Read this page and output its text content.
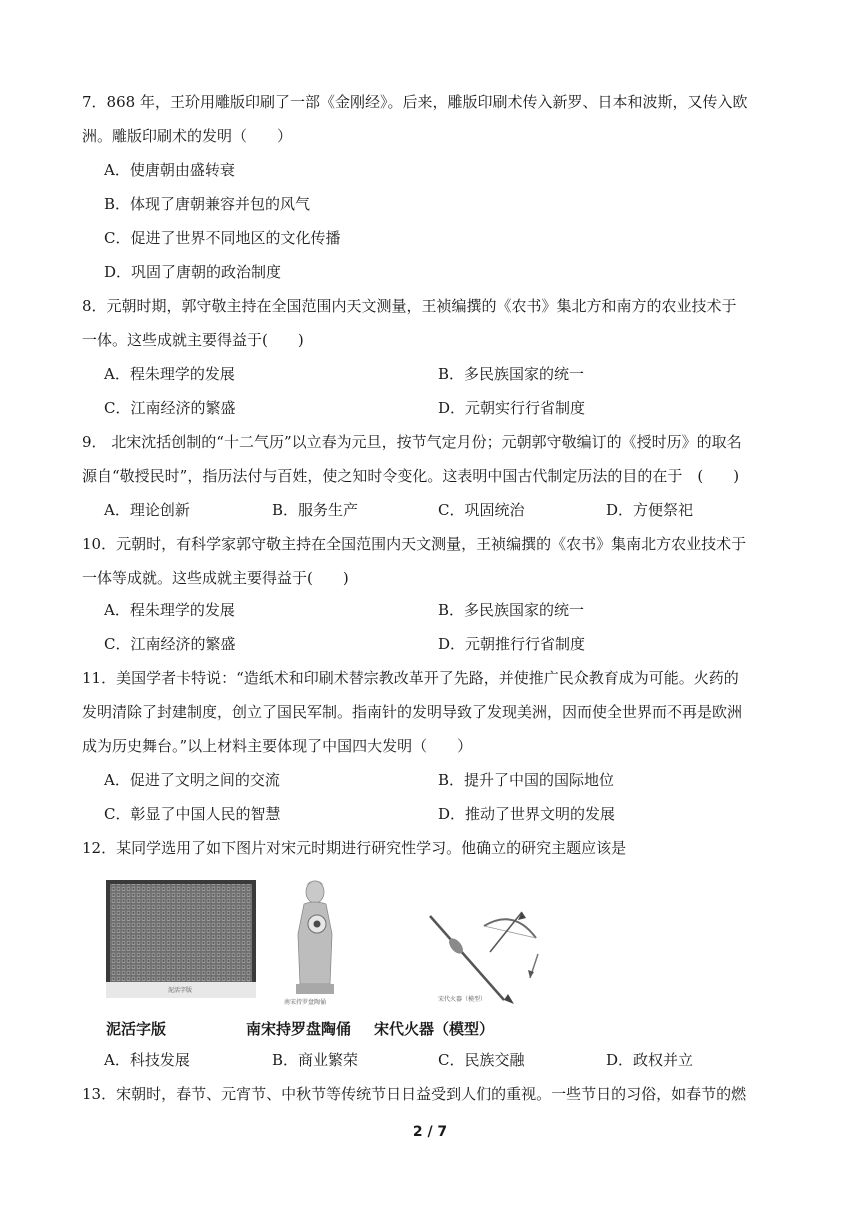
7．868 年，王玠用雕版印刷了一部《金刚经》。后来，雕版印刷术传入新罗、日本和波斯，又传入欧
洲。雕版印刷术的发明（　　）
A．使唐朝由盛转衰
B．体现了唐朝兼容并包的风气
C．促进了世界不同地区的文化传播
D．巩固了唐朝的政治制度
8．元朝时期，郭守敬主持在全国范围内天文测量，王祯编撰的《农书》集北方和南方的农业技术于
一体。这些成就主要得益于(　　)
A．程朱理学的发展	B．多民族国家的统一
C．江南经济的繁盛	D．元朝实行行省制度
9． 北宋沈括创制的“十二气历”以立春为元旦，按节气定月份；元朝郭守敬编订的《授时历》的取名
源自“敬授民时”，指历法付与百姓，使之知时令变化。这表明中国古代制定历法的目的在于　(　　)
A．理论创新	B．服务生产	C．巩固统治	D．方便祭祀
10．元朝时，有科学家郭守敬主持在全国范围内天文测量，王祯编撰的《农书》集南北方农业技术于
一体等成就。这些成就主要得益于(　　)
A．程朱理学的发展	B．多民族国家的统一
C．江南经济的繁盛	D．元朝推行行省制度
11．美国学者卡特说：“造纸术和印刷术替宗教改革开了先路，并使推广民众教育成为可能。火药的
发明清除了封建制度，创立了国民军制。指南针的发明导致了发现美洲，因而使全世界而不再是欧洲
成为历史舞台。”以上材料主要体现了中国四大发明（　　）
A．促进了文明之间的交流	B．提升了中国的国际地位
C．彰显了中国人民的智慧	D．推动了世界文明的发展
12．某同学选用了如下图片对宋元时期进行研究性学习。他确立的研究主题应该是
泥活字版
南宋持罗盘陶俑	宋代火器（模型）
泥活字版	南宋持罗盘陶俑 宋代火器（模型）
A．科技发展	B．商业繁荣	C．民族交融	D．政权并立
13．宋朝时，春节、元宵节、中秋节等传统节日日益受到人们的重视。一些节日的习俗，如春节的燃
2 / 7
